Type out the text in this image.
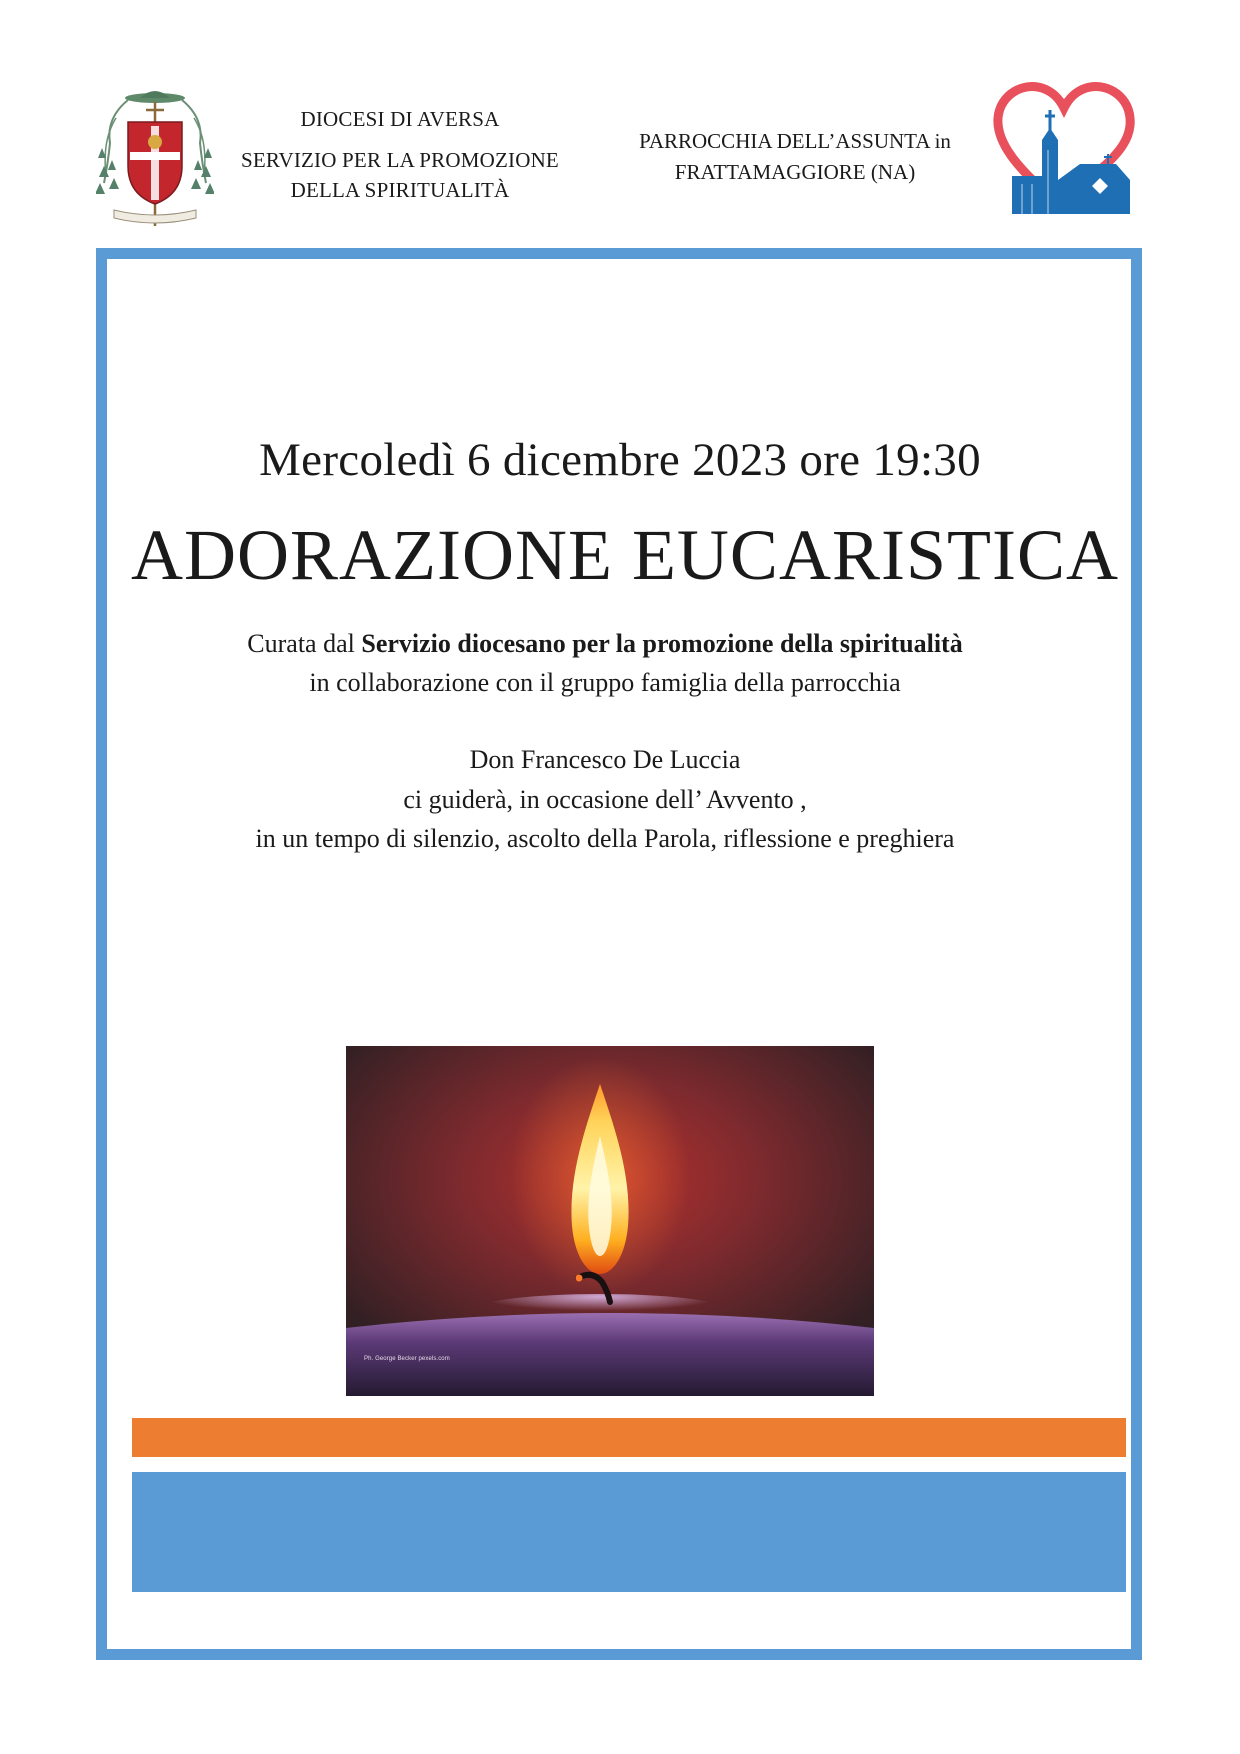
DIOCESI DI AVERSA
SERVIZIO PER LA PROMOZIONE
DELLA SPIRITUALITÀ
PARROCCHIA DELL’ASSUNTA in
FRATTAMAGGIORE (NA)
Mercoledì 6 dicembre 2023 ore 19:30
ADORAZIONE EUCARISTICA
Curata dal Servizio diocesano per la promozione della spiritualità
in collaborazione con il gruppo famiglia della parrocchia
Don Francesco De Luccia
ci guiderà, in occasione dell’ Avvento ,
in un tempo di silenzio, ascolto della Parola, riflessione e preghiera
Ph. George Becker pexels.com
